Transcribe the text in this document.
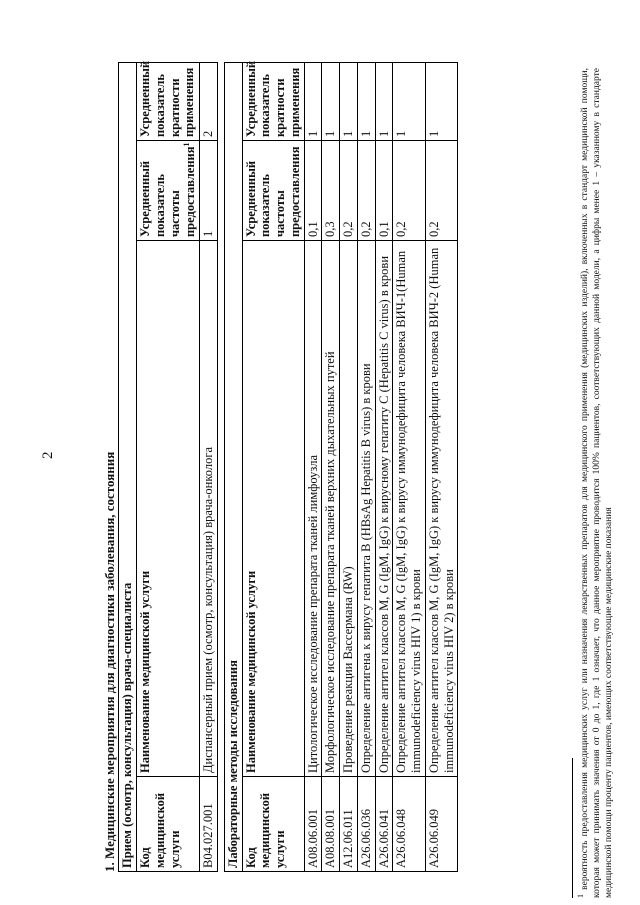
2	1. Медицинские мероприятия для диагностики заболевания, состояния Прием (осмотр, консультация) врача-специалиста			
Код медицинской услуги	Наименование медицинской услуги	Усредненный показатель частоты предоставления$^1$	Усредненный показатель кратности применения
B04.027.001	Диспансерный прием (осмотр, консультация) врача-онколога	1	2
Лабораторные методы исследования			
Код медицинской услуги	Наименование медицинской услуги	Усредненный показатель частоты предоставления	Усредненный показатель кратности применения
A08.06.001	Цитологическое исследование препарата тканей лимфоузла	0,1	1
A08.08.001	Морфологическое исследование препарата тканей верхних дыхательных путей	0,3	1
A12.06.011	Проведение реакции Вассермана (RW)	0,2	1
A26.06.036	Определение антигена к вирусу гепатита B (HBsAg Hepatitis B virus) в крови	0,2	1
A26.06.041	Определение антител классов M, G (IgM, IgG) к вирусному гепатиту C (Hepatitis C virus) в крови	0,1	1
A26.06.048	Определение антител классов M, G (IgM, IgG) к вирусу иммунодефицита человека ВИЧ-1(Human immunodeficiency virus HIV 1) в крови	0,2	1
A26.06.049	Определение антител классов M, G (IgM, IgG) к вирусу иммунодефицита человека ВИЧ-2 (Human immunodeficiency virus HIV 2) в крови	0,2	1
$^1$ вероятность предоставления медицинских услуг или назначения лекарственных препаратов для медицинского применения (медицинских изделий), включенных в стандарт медицинской помощи, которая может принимать значения от 0 до 1, где 1 означает, что данное мероприятие проводится 100% пациентов, соответствующих данной модели, а цифры менее 1 – указанному в стандарте медицинской помощи проценту пациентов, имеющих соответствующие медицинские показания
